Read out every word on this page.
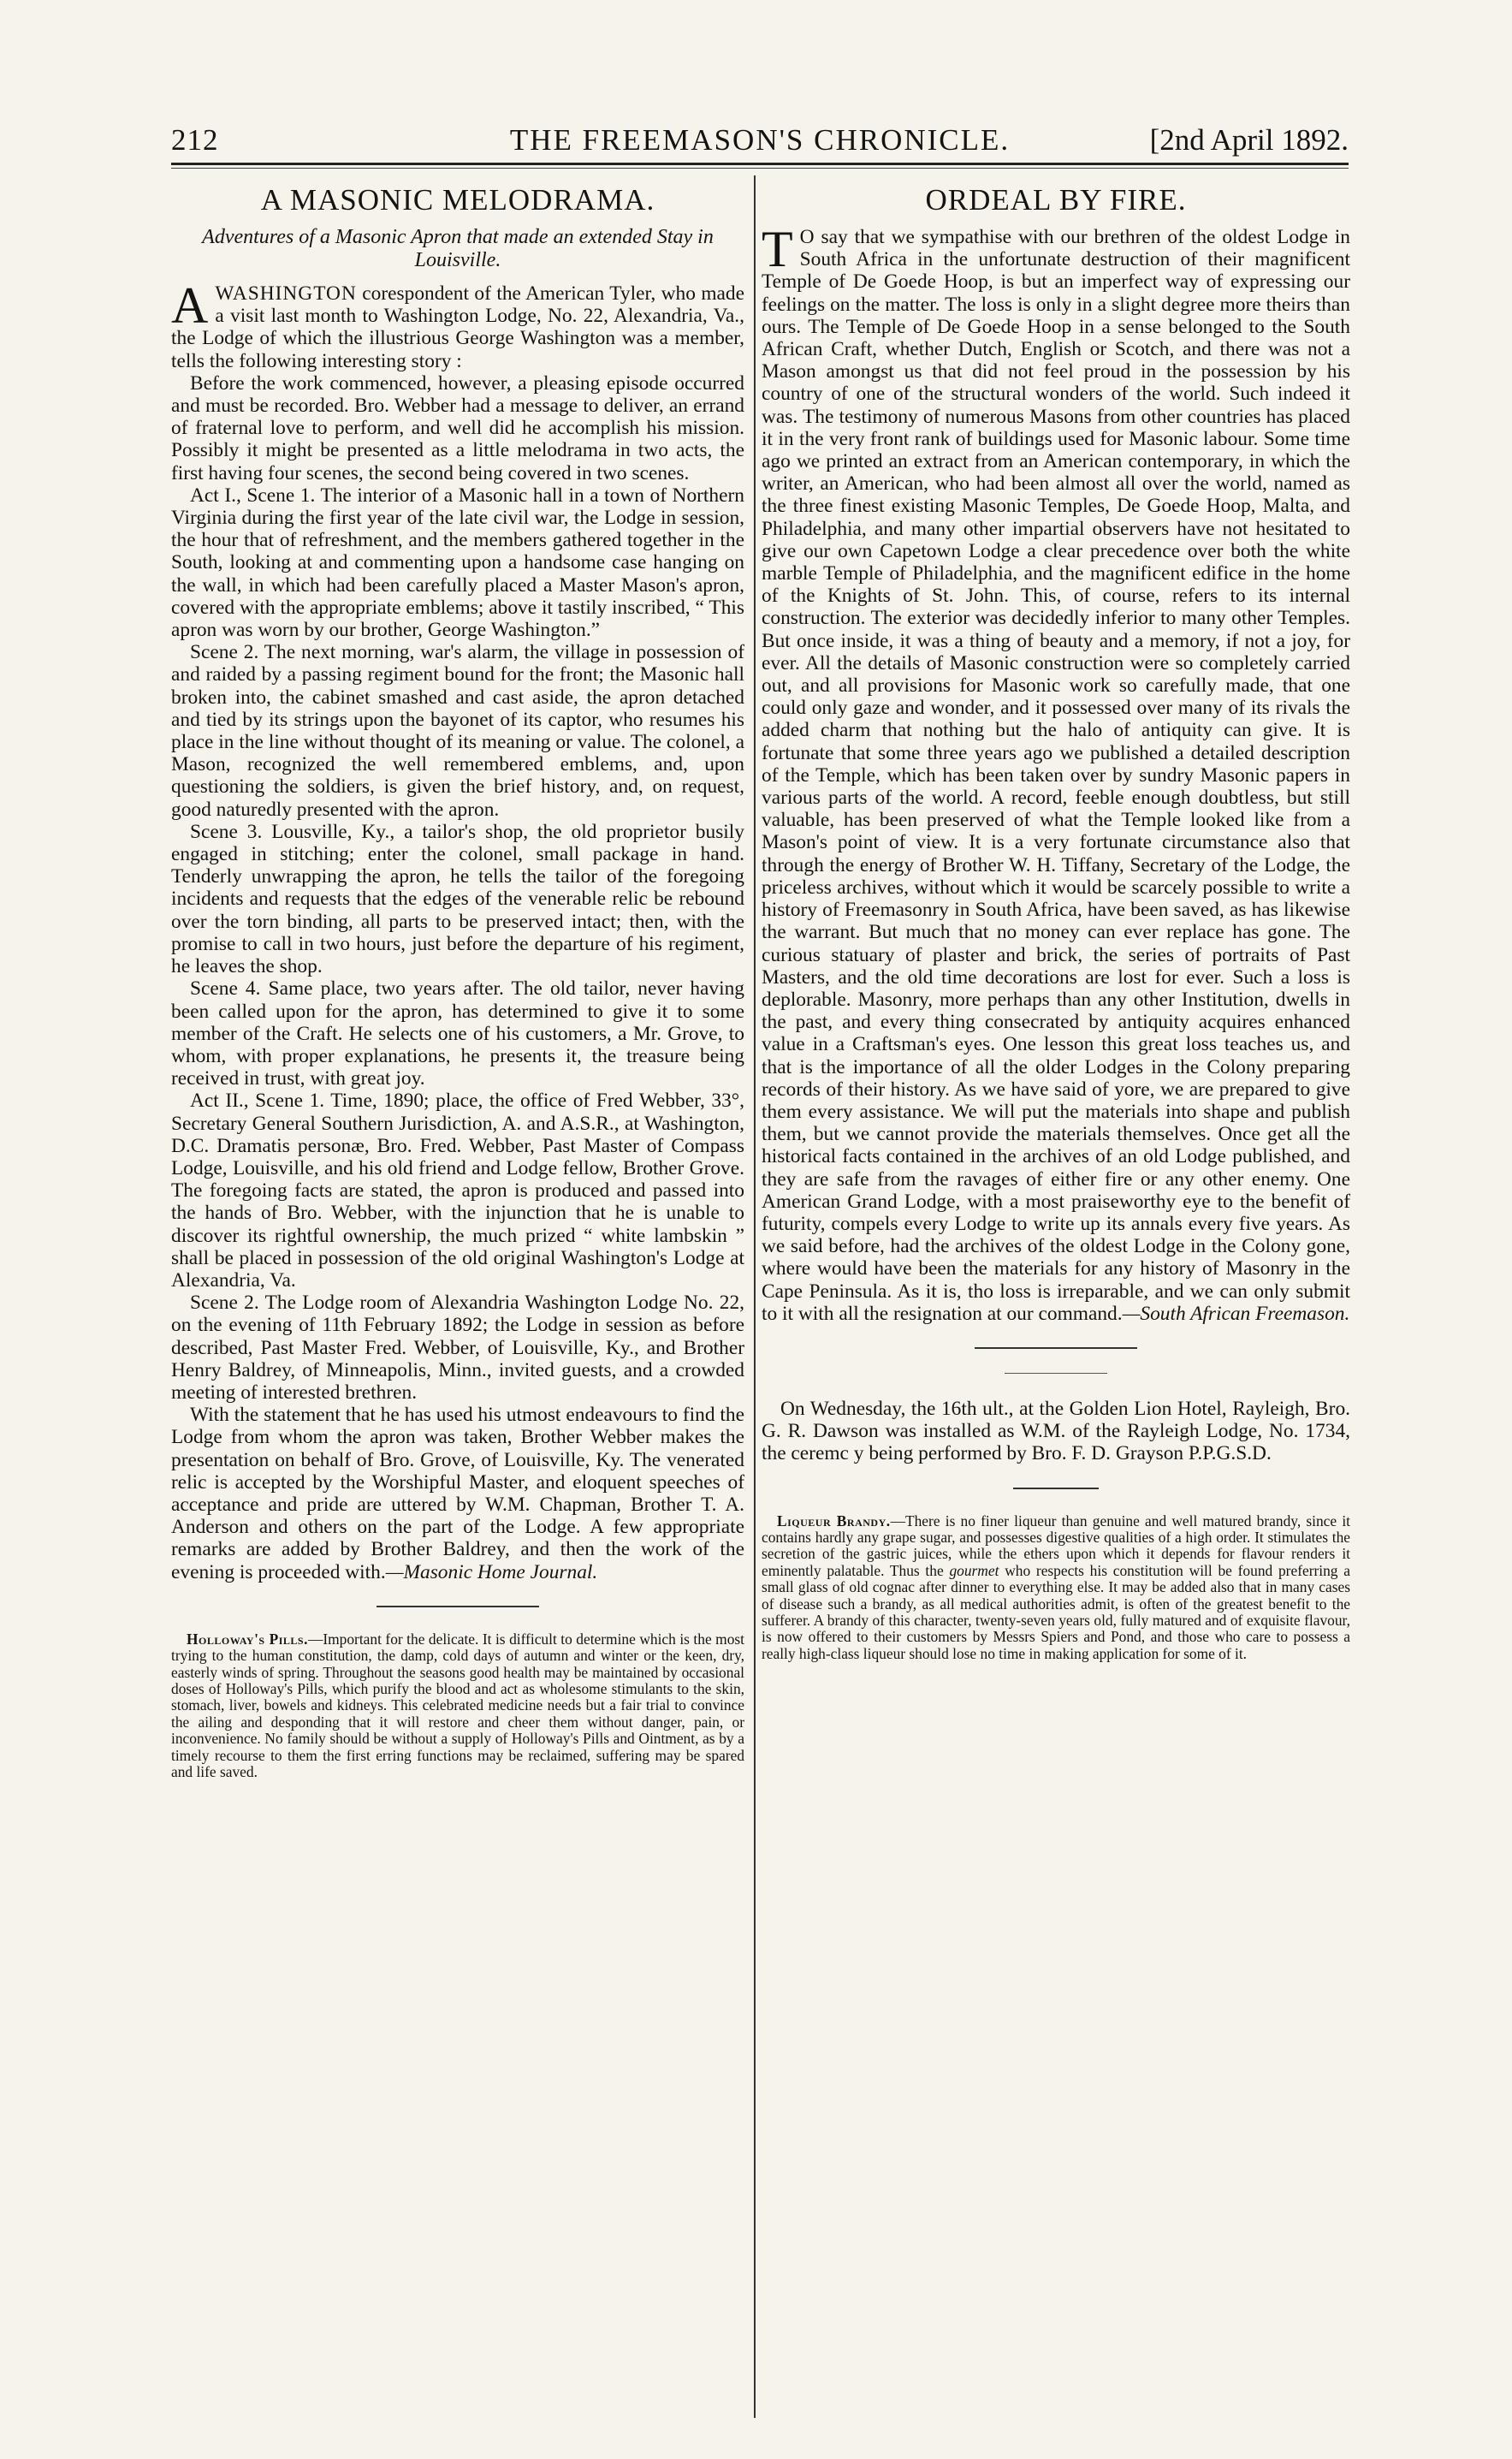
212	THE FREEMASON'S CHRONICLE.	[2nd April 1892.
A MASONIC MELODRAMA.
Adventures of a Masonic Apron that made an extended Stay in Louisville.

AWASHINGTON corespondent of the American Tyler, who made a visit last month to Washington Lodge, No. 22, Alexandria, Va., the Lodge of which the illustrious George Washington was a member, tells the following interesting story :

Before the work commenced, however, a pleasing episode occurred and must be recorded. Bro. Webber had a message to deliver, an errand of fraternal love to perform, and well did he accomplish his mission. Possibly it might be presented as a little melodrama in two acts, the first having four scenes, the second being covered in two scenes.

Act I., Scene 1. The interior of a Masonic hall in a town of Northern Virginia during the first year of the late civil war, the Lodge in session, the hour that of refreshment, and the members gathered together in the South, looking at and commenting upon a handsome case hanging on the wall, in which had been carefully placed a Master Mason's apron, covered with the appropriate emblems; above it tastily inscribed, “ This apron was worn by our brother, George Washington.”

Scene 2. The next morning, war's alarm, the village in possession of and raided by a passing regiment bound for the front; the Masonic hall broken into, the cabinet smashed and cast aside, the apron detached and tied by its strings upon the bayonet of its captor, who resumes his place in the line without thought of its meaning or value. The colonel, a Mason, recognized the well remembered emblems, and, upon questioning the soldiers, is given the brief history, and, on request, good naturedly presented with the apron.

Scene 3. Lousville, Ky., a tailor's shop, the old proprietor busily engaged in stitching; enter the colonel, small package in hand. Tenderly unwrapping the apron, he tells the tailor of the foregoing incidents and requests that the edges of the venerable relic be rebound over the torn binding, all parts to be preserved intact; then, with the promise to call in two hours, just before the departure of his regiment, he leaves the shop.

Scene 4. Same place, two years after. The old tailor, never having been called upon for the apron, has determined to give it to some member of the Craft. He selects one of his customers, a Mr. Grove, to whom, with proper explanations, he presents it, the treasure being received in trust, with great joy.

Act II., Scene 1. Time, 1890; place, the office of Fred Webber, 33°, Secretary General Southern Jurisdiction, A. and A.S.R., at Washington, D.C. Dramatis personæ, Bro. Fred. Webber, Past Master of Compass Lodge, Louisville, and his old friend and Lodge fellow, Brother Grove. The foregoing facts are stated, the apron is produced and passed into the hands of Bro. Webber, with the injunction that he is unable to discover its rightful ownership, the much prized “ white lambskin ” shall be placed in possession of the old original Washington's Lodge at Alexandria, Va.

Scene 2. The Lodge room of Alexandria Washington Lodge No. 22, on the evening of 11th February 1892; the Lodge in session as before described, Past Master Fred. Webber, of Louisville, Ky., and Brother Henry Baldrey, of Minneapolis, Minn., invited guests, and a crowded meeting of interested brethren.

With the statement that he has used his utmost endeavours to find the Lodge from whom the apron was taken, Brother Webber makes the presentation on behalf of Bro. Grove, of Louisville, Ky. The venerated relic is accepted by the Worshipful Master, and eloquent speeches of acceptance and pride are uttered by W.M. Chapman, Brother T. A. Anderson and others on the part of the Lodge. A few appropriate remarks are added by Brother Baldrey, and then the work of the evening is proceeded with.—Masonic Home Journal.

Holloway's Pills.—Important for the delicate. It is difficult to determine which is the most trying to the human constitution, the damp, cold days of autumn and winter or the keen, dry, easterly winds of spring. Throughout the seasons good health may be maintained by occasional doses of Holloway's Pills, which purify the blood and act as wholesome stimulants to the skin, stomach, liver, bowels and kidneys. This celebrated medicine needs but a fair trial to convince the ailing and desponding that it will restore and cheer them without danger, pain, or inconvenience. No family should be without a supply of Holloway's Pills and Ointment, as by a timely recourse to them the first erring functions may be reclaimed, suffering may be spared and life saved.

ORDEAL BY FIRE.

T O say that we sympathise with our brethren of the oldest Lodge in South Africa in the unfortunate destruction of their magnificent Temple of De Goede Hoop, is but an imperfect way of expressing our feelings on the matter. The loss is only in a slight degree more theirs than ours. The Temple of De Goede Hoop in a sense belonged to the South African Craft, whether Dutch, English or Scotch, and there was not a Mason amongst us that did not feel proud in the possession by his country of one of the structural wonders of the world. Such indeed it was. The testimony of numerous Masons from other countries has placed it in the very front rank of buildings used for Masonic labour. Some time ago we printed an extract from an American contemporary, in which the writer, an American, who had been almost all over the world, named as the three finest existing Masonic Temples, De Goede Hoop, Malta, and Philadelphia, and many other impartial observers have not hesitated to give our own Capetown Lodge a clear precedence over both the white marble Temple of Philadelphia, and the magnificent edifice in the home of the Knights of St. John. This, of course, refers to its internal construction. The exterior was decidedly inferior to many other Temples. But once inside, it was a thing of beauty and a memory, if not a joy, for ever. All the details of Masonic construction were so completely carried out, and all provisions for Masonic work so carefully made, that one could only gaze and wonder, and it possessed over many of its rivals the added charm that nothing but the halo of antiquity can give. It is fortunate that some three years ago we published a detailed description of the Temple, which has been taken over by sundry Masonic papers in various parts of the world. A record, feeble enough doubtless, but still valuable, has been preserved of what the Temple looked like from a Mason's point of view. It is a very fortunate circumstance also that through the energy of Brother W. H. Tiffany, Secretary of the Lodge, the priceless archives, without which it would be scarcely possible to write a history of Freemasonry in South Africa, have been saved, as has likewise the warrant. But much that no money can ever replace has gone. The curious statuary of plaster and brick, the series of portraits of Past Masters, and the old time decorations are lost for ever. Such a loss is deplorable. Masonry, more perhaps than any other Institution, dwells in the past, and every thing consecrated by antiquity acquires enhanced value in a Craftsman's eyes. One lesson this great loss teaches us, and that is the importance of all the older Lodges in the Colony preparing records of their history. As we have said of yore, we are prepared to give them every assistance. We will put the materials into shape and publish them, but we cannot provide the materials themselves. Once get all the historical facts contained in the archives of an old Lodge published, and they are safe from the ravages of either fire or any other enemy. One American Grand Lodge, with a most praiseworthy eye to the benefit of futurity, compels every Lodge to write up its annals every five years. As we said before, had the archives of the oldest Lodge in the Colony gone, where would have been the materials for any history of Masonry in the Cape Peninsula. As it is, tho loss is irreparable, and we can only submit to it with all the resignation at our command.—South African Freemason.

On Wednesday, the 16th ult., at the Golden Lion Hotel, Rayleigh, Bro. G. R. Dawson was installed as W.M. of the Rayleigh Lodge, No. 1734, the ceremc y being performed by Bro. F. D. Grayson P.P.G.S.D.

Liqueur Brandy.—There is no finer liqueur than genuine and well matured brandy, since it contains hardly any grape sugar, and possesses digestive qualities of a high order. It stimulates the secretion of the gastric juices, while the ethers upon which it depends for flavour renders it eminently palatable. Thus the gourmet who respects his constitution will be found preferring a small glass of old cognac after dinner to everything else. It may be added also that in many cases of disease such a brandy, as all medical authorities admit, is often of the greatest benefit to the sufferer. A brandy of this character, twenty-seven years old, fully matured and of exquisite flavour, is now offered to their customers by Messrs Spiers and Pond, and those who care to possess a really high-class liqueur should lose no time in making application for some of it.
